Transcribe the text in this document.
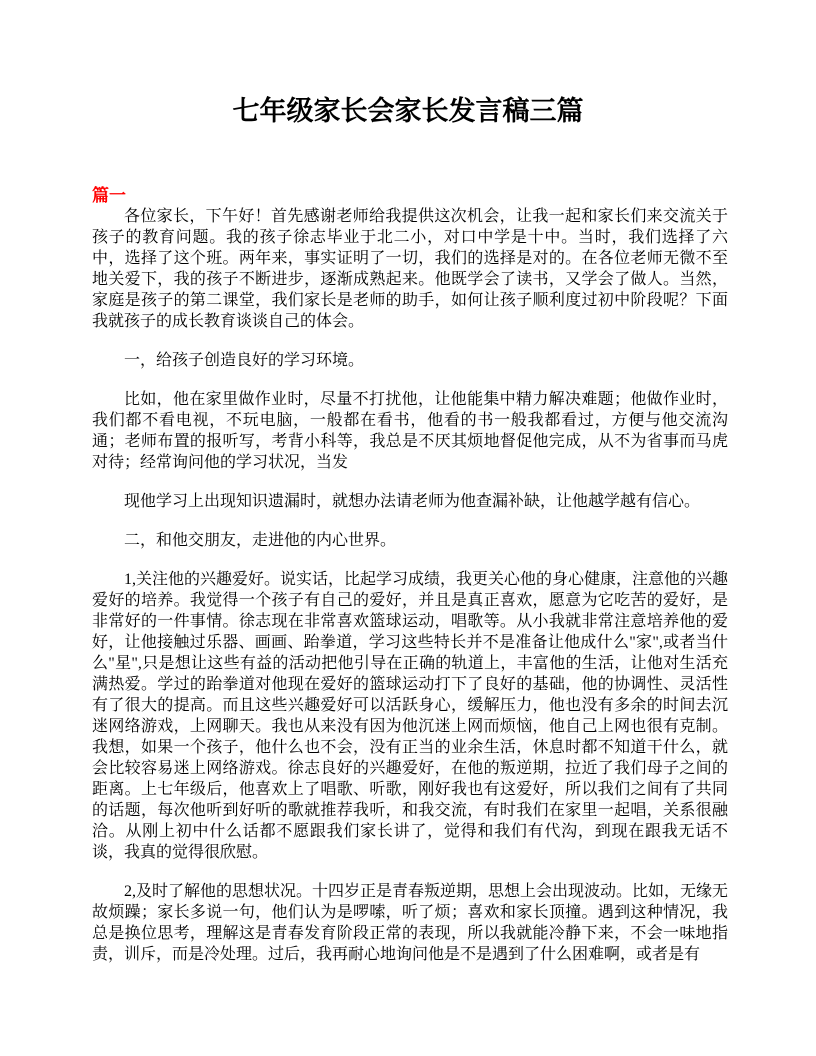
七年级家长会家长发言稿三篇
篇一

各位家长，下午好！首先感谢老师给我提供这次机会，让我一起和家长们来交流关于孩子的教育问题。我的孩子徐志毕业于北二小，对口中学是十中。当时，我们选择了六中，选择了这个班。两年来，事实证明了一切，我们的选择是对的。在各位老师无微不至地关爱下，我的孩子不断进步，逐渐成熟起来。他既学会了读书，又学会了做人。当然，家庭是孩子的第二课堂，我们家长是老师的助手，如何让孩子顺利度过初中阶段呢？下面我就孩子的成长教育谈谈自己的体会。

一，给孩子创造良好的学习环境。

比如，他在家里做作业时，尽量不打扰他，让他能集中精力解决难题；他做作业时，我们都不看电视，不玩电脑，一般都在看书，他看的书一般我都看过，方便与他交流沟通；老师布置的报听写，考背小科等，我总是不厌其烦地督促他完成，从不为省事而马虎对待；经常询问他的学习状况，当发

现他学习上出现知识遗漏时，就想办法请老师为他查漏补缺，让他越学越有信心。

二，和他交朋友，走进他的内心世界。

1,关注他的兴趣爱好。说实话，比起学习成绩，我更关心他的身心健康，注意他的兴趣爱好的培养。我觉得一个孩子有自己的爱好，并且是真正喜欢，愿意为它吃苦的爱好，是非常好的一件事情。徐志现在非常喜欢篮球运动，唱歌等。从小我就非常注意培养他的爱好，让他接触过乐器、画画、跆拳道，学习这些特长并不是准备让他成什么"家",或者当什么"星",只是想让这些有益的活动把他引导在正确的轨道上，丰富他的生活，让他对生活充满热爱。学过的跆拳道对他现在爱好的篮球运动打下了良好的基础，他的协调性、灵活性有了很大的提高。而且这些兴趣爱好可以活跃身心，缓解压力，他也没有多余的时间去沉迷网络游戏，上网聊天。我也从来没有因为他沉迷上网而烦恼，他自己上网也很有克制。我想，如果一个孩子，他什么也不会，没有正当的业余生活，休息时都不知道干什么，就会比较容易迷上网络游戏。徐志良好的兴趣爱好，在他的叛逆期，拉近了我们母子之间的距离。上七年级后，他喜欢上了唱歌、听歌，刚好我也有这爱好，所以我们之间有了共同的话题，每次他听到好听的歌就推荐我听，和我交流，有时我们在家里一起唱，关系很融洽。从刚上初中什么话都不愿跟我们家长讲了，觉得和我们有代沟，到现在跟我无话不谈，我真的觉得很欣慰。

2,及时了解他的思想状况。十四岁正是青春叛逆期，思想上会出现波动。比如，无缘无故烦躁；家长多说一句，他们认为是啰嗦，听了烦；喜欢和家长顶撞。遇到这种情况，我总是换位思考，理解这是青春发育阶段正常的表现，所以我就能冷静下来，不会一味地指责，训斥，而是冷处理。过后，我再耐心地询问他是不是遇到了什么困难啊，或者是有
